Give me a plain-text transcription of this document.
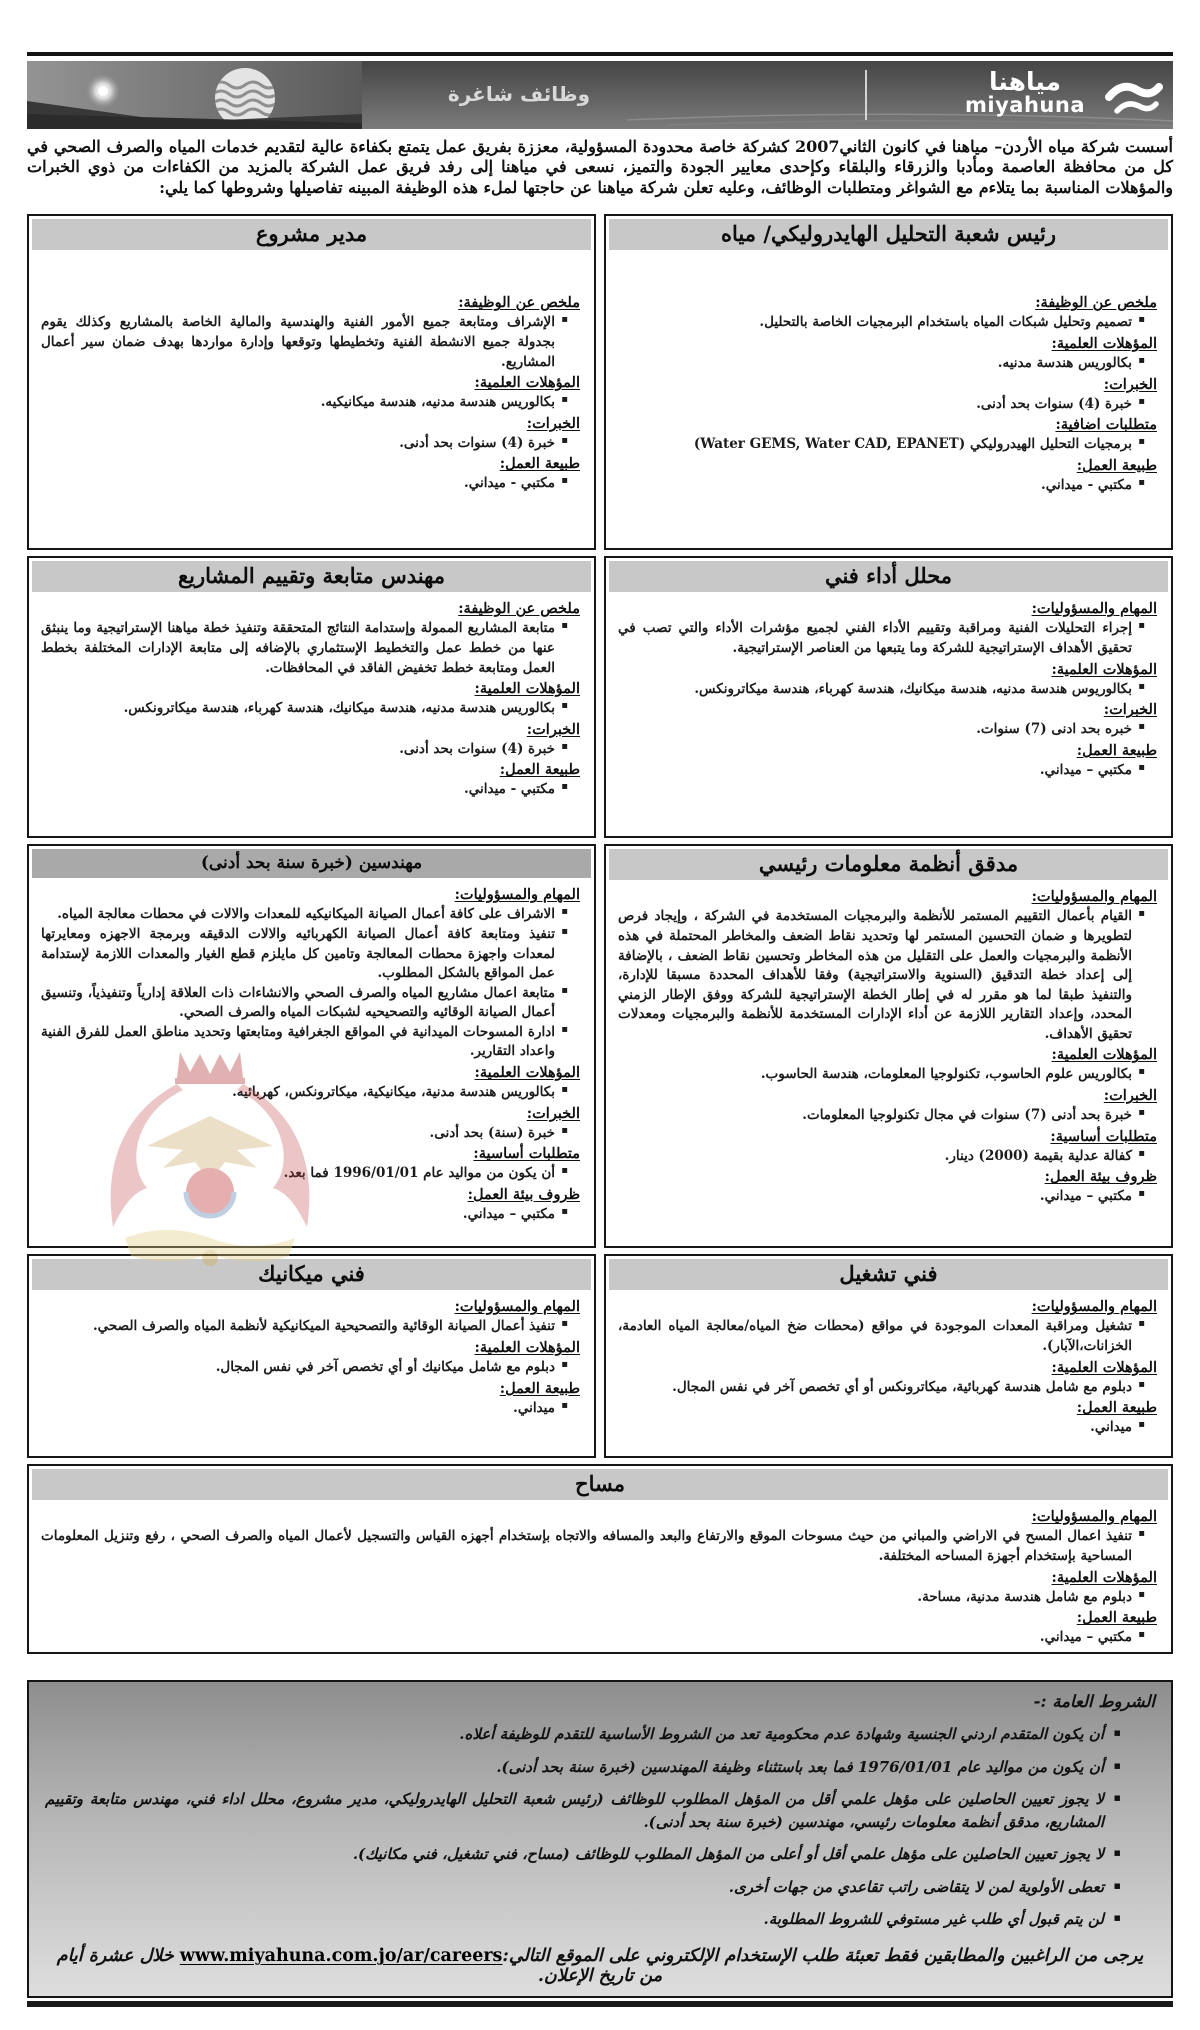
وظائف شاغرة	مياهنا
miyahuna

أسست شركة مياه الأردن– مياهنا في كانون الثاني2007 كشركة خاصة محدودة المسؤولية، معززة بفريق عمل يتمتع بكفاءة عالية لتقديم خدمات المياه والصرف الصحي في كل من محافظة العاصمة ومأدبا والزرقاء والبلقاء وكإحدى معايير الجودة والتميز، نسعى في مياهنا إلى رفد فريق عمل الشركة بالمزيد من الكفاءات من ذوي الخبرات والمؤهلات المناسبة بما يتلاءم مع الشواغر ومتطلبات الوظائف، وعليه تعلن شركة مياهنا عن حاجتها لملء هذه الوظيفة المبينه تفاصيلها وشروطها كما يلي:

رئيس شعبة التحليل الهايدروليكي/ مياه
ملخص عن الوظيفة:
▪ تصميم وتحليل شبكات المياه باستخدام البرمجيات الخاصة بالتحليل.
المؤهلات العلمية:
▪ بكالوريس هندسة مدنيه.
الخبرات:
▪ خبرة (4) سنوات بحد أدنى.
متطلبات اضافية:
▪ برمجيات التحليل الهيدروليكي (Water GEMS, Water CAD, EPANET)
طبيعة العمل:
▪ مكتبي - ميداني.
مدير مشروع
ملخص عن الوظيفة:
▪ الإشراف ومتابعة جميع الأمور الفنية والهندسية والمالية الخاصة بالمشاريع وكذلك يقوم بجدولة جميع الانشطة الفنية وتخطيطها وتوقعها وإدارة مواردها بهدف ضمان سير أعمال المشاريع.
المؤهلات العلمية:
▪ بكالوريس هندسة مدنيه، هندسة ميكانيكيه.
الخبرات:
▪ خبرة (4) سنوات بحد أدنى.
طبيعة العمل:
▪ مكتبي - ميداني.
محلل أداء فني
المهام والمسؤوليات:
▪ إجراء التحليلات الفنية ومراقبة وتقييم الأداء الفني لجميع مؤشرات الأداء والتي تصب في تحقيق الأهداف الإستراتيجية للشركة وما يتبعها من العناصر الإستراتيجية.
المؤهلات العلمية:
▪ بكالوريوس هندسة مدنيه، هندسة ميكانيك، هندسة كهرباء، هندسة ميكاترونكس.
الخبرات:
▪ خبره بحد ادنى (7) سنوات.
طبيعة العمل:
▪ مكتبي – ميداني.
مهندس متابعة وتقييم المشاريع
ملخص عن الوظيفة:
▪ متابعة المشاريع الممولة وإستدامة النتائج المتحققة وتنفيذ خطة مياهنا الإستراتيجية وما ينبثق عنها من خطط عمل والتخطيط الإستثماري بالإضافه إلى متابعة الإدارات المختلفة بخطط العمل ومتابعة خطط تخفيض الفاقد في المحافظات.
المؤهلات العلمية:
▪ بكالوريس هندسة مدنيه، هندسة ميكانيك، هندسة كهرباء، هندسة ميكاترونكس.
الخبرات:
▪ خبرة (4) سنوات بحد أدنى.
طبيعة العمل:
▪ مكتبي - ميداني.
مدقق أنظمة معلومات رئيسي
المهام والمسؤوليات:
▪ القيام بأعمال التقييم المستمر للأنظمة والبرمجيات المستخدمة في الشركة ، وإيجاد فرص لتطويرها و ضمان التحسين المستمر لها وتحديد نقاط الضعف والمخاطر المحتملة في هذه الأنظمة والبرمجيات والعمل على التقليل من هذه المخاطر وتحسين نقاط الضعف ، بالإضافة إلى إعداد خطة التدقيق (السنوية والاستراتيجية) وفقا للأهداف المحددة مسبقا للإدارة، والتنفيذ طبقا لما هو مقرر له في إطار الخطة الإستراتيجية للشركة ووفق الإطار الزمني المحدد، وإعداد التقارير اللازمة عن أداء الإدارات المستخدمة للأنظمة والبرمجيات ومعدلات تحقيق الأهداف.
المؤهلات العلمية:
▪ بكالوريس علوم الحاسوب، تكنولوجيا المعلومات، هندسة الحاسوب.
الخبرات:
▪ خبرة بحد أدنى (7) سنوات في مجال تكنولوجيا المعلومات.
متطلبات أساسية:
▪ كفالة عدلية بقيمة (2000) دينار.
ظروف بيئة العمل:
▪ مكتبي – ميداني.
مهندسين (خبرة سنة بحد أدنى)
المهام والمسؤوليات:
▪ الاشراف على كافة أعمال الصيانة الميكانيكيه للمعدات والالات في محطات معالجة المياه.
▪ تنفيذ ومتابعة كافة أعمال الصيانة الكهربائيه والالات الدقيقه وبرمجة الاجهزه ومعايرتها لمعدات واجهزة محطات المعالجة وتامين كل مايلزم قطع الغيار والمعدات اللازمة لإستدامة عمل المواقع بالشكل المطلوب.
▪ متابعة اعمال مشاريع المياه والصرف الصحي والانشاءات ذات العلاقة إدارياً وتنفيذياً، وتنسيق أعمال الصيانة الوقائيه والتصحيحيه لشبكات المياه والصرف الصحي.
▪ ادارة المسوحات الميدانية في المواقع الجغرافية ومتابعتها وتحديد مناطق العمل للفرق الفنية واعداد التقارير.
المؤهلات العلمية:
▪ بكالوريس هندسة مدنية، ميكانيكية، ميكاترونكس، كهربائيه.
الخبرات:
▪ خبرة (سنة) بحد أدنى.
متطلبات أساسية:
▪ أن يكون من مواليد عام 1996/01/01 فما بعد.
ظروف بيئة العمل:
▪ مكتبي – ميداني.
فني تشغيل
المهام والمسؤوليات:
▪ تشغيل ومراقبة المعدات الموجودة في مواقع (محطات ضخ المياه/معالجة المياه العادمة، الخزانات،الآبار).
المؤهلات العلمية:
▪ دبلوم مع شامل هندسة كهربائية، ميكاترونكس أو أي تخصص آخر في نفس المجال.
طبيعة العمل:
▪ ميداني.
فني ميكانيك
المهام والمسؤوليات:
▪ تنفيذ أعمال الصيانة الوقائية والتصحيحية الميكانيكية لأنظمة المياه والصرف الصحي.
المؤهلات العلمية:
▪ دبلوم مع شامل ميكانيك أو أي تخصص آخر في نفس المجال.
طبيعة العمل:
▪ ميداني.
مساح
المهام والمسؤوليات:
▪ تنفيذ اعمال المسح في الاراضي والمباني من حيث مسوحات الموقع والارتفاع والبعد والمسافه والاتجاه بإستخدام أجهزه القياس والتسجيل لأعمال المياه والصرف الصحي ، رفع وتنزيل المعلومات المساحية بإستخدام أجهزة المساحه المختلفة.
المؤهلات العلمية:
▪ دبلوم مع شامل هندسة مدنية، مساحة.
طبيعة العمل:
▪ مكتبي – ميداني.
الشروط العامة :-
▪ أن يكون المتقدم اردني الجنسية وشهادة عدم محكومية تعد من الشروط الأساسية للتقدم للوظيفة أعلاه.
▪ أن يكون من مواليد عام 1976/01/01 فما بعد باستثناء وظيفة المهندسين (خبرة سنة بحد أدنى).
▪ لا يجوز تعيين الحاصلين على مؤهل علمي أقل من المؤهل المطلوب للوظائف (رئيس شعبة التحليل الهايدروليكي، مدير مشروع، محلل اداء فني، مهندس متابعة وتقييم المشاريع، مدقق أنظمة معلومات رئيسي، مهندسين (خبرة سنة بحد أدنى).
▪ لا يجوز تعيين الحاصلين على مؤهل علمي أقل أو أعلى من المؤهل المطلوب للوظائف (مساح، فني تشغيل، فني مكانيك).
▪ تعطى الأولوية لمن لا يتقاضى راتب تقاعدي من جهات أخرى.
▪ لن يتم قبول أي طلب غير مستوفي للشروط المطلوبة.
يرجى من الراغبين والمطابقين فقط تعبئة طلب الإستخدام الإلكتروني على الموقع التالي:www.miyahuna.com.jo/ar/careers خلال عشرة أيام من تاريخ الإعلان.
